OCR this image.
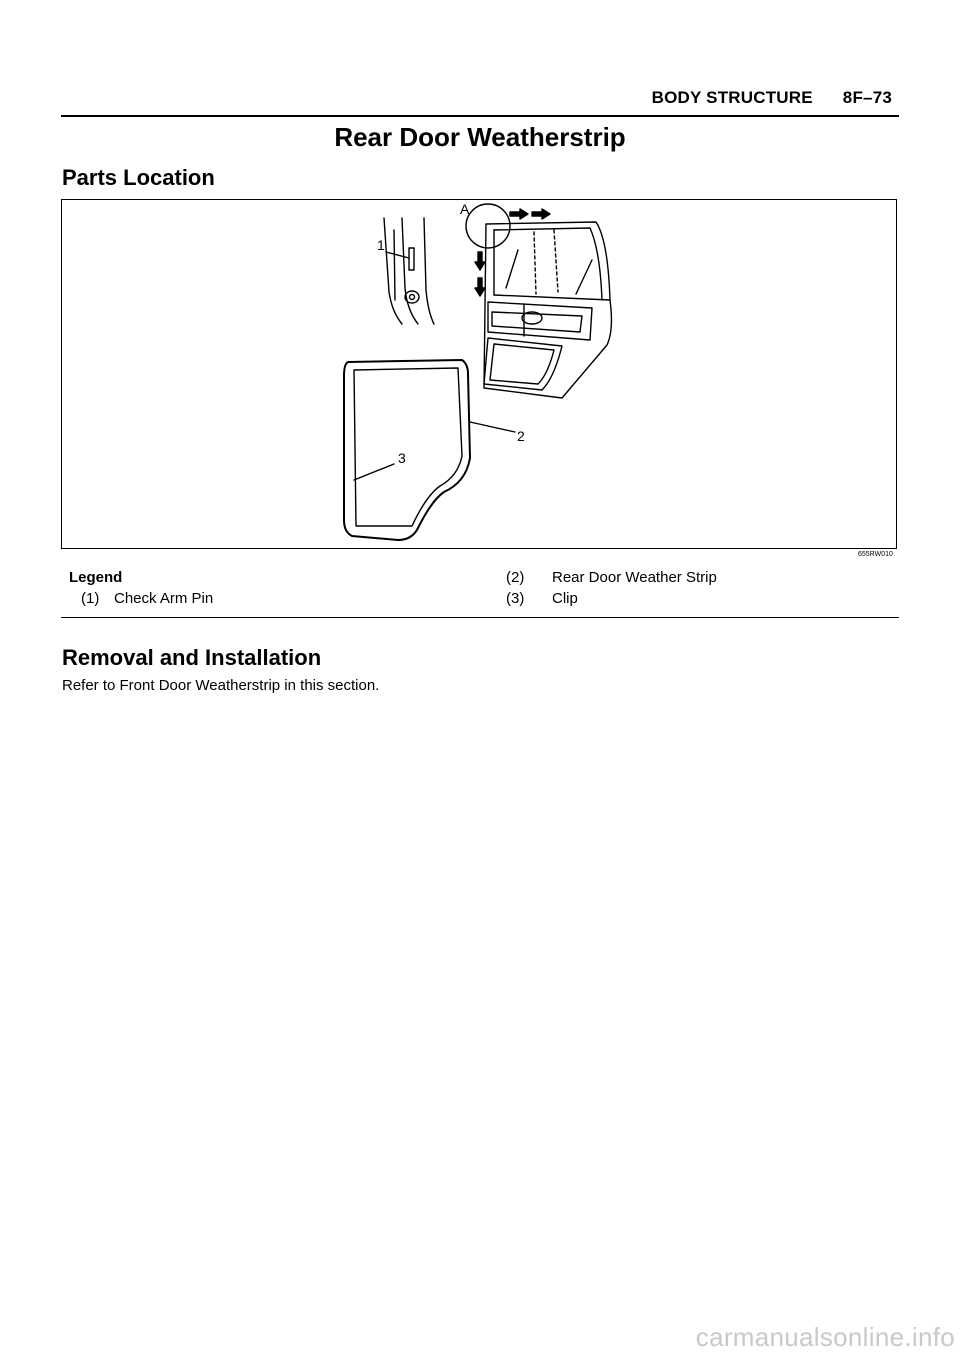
BODY STRUCTURE 8F–73
Rear Door Weatherstrip
Parts Location
A
1
2
3
655RW010
Legend
(1) Check Arm Pin
(2) Rear Door Weather Strip
(3) Clip
Removal and Installation
Refer to Front Door Weatherstrip in this section.
carmanualsonline.info
